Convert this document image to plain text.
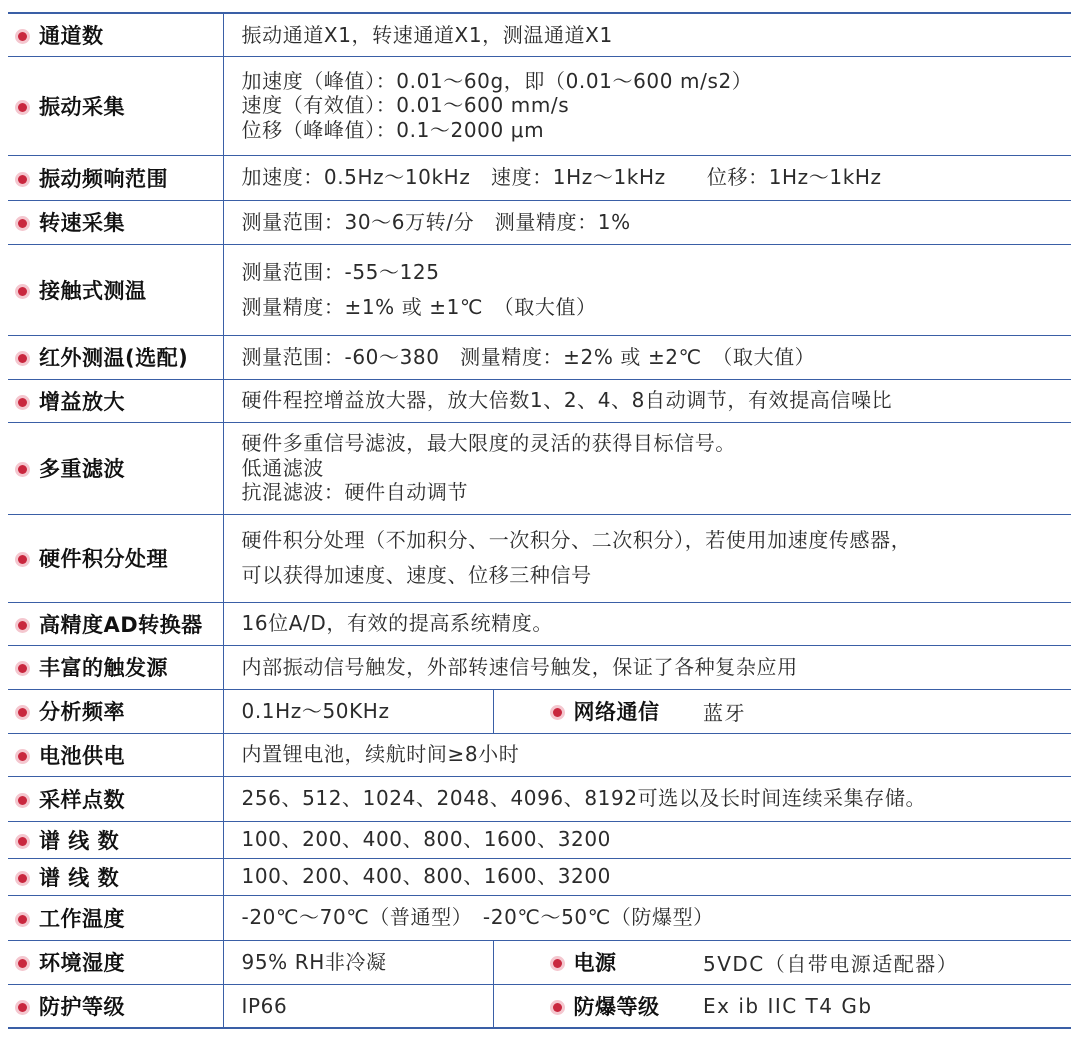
通道数	振动通道X1，转速通道X1，测温通道X1		

振动采集	加速度（峰值）：0.01～60g，即（0.01～600 m/s2）
速度（有效值）：0.01～600 mm/s
位移（峰峰值）：0.1～2000 μm		

振动频响范围	加速度：0.5Hz～10kHz　速度：1Hz～1kHz　　位移：1Hz～1kHz		

转速采集	测量范围：30～6万转/分　测量精度：1%		

接触式测温	测量范围：-55～125
测量精度：±1% 或 ±1℃　（取大值）		

红外测温(选配)	测量范围：-60～380　测量精度：±2% 或 ±2℃　（取大值）		

增益放大	硬件程控增益放大器，放大倍数1、2、4、8自动调节，有效提高信噪比		

多重滤波	硬件多重信号滤波，最大限度的灵活的获得目标信号。
低通滤波
抗混滤波：硬件自动调节		

硬件积分处理	硬件积分处理（不加积分、一次积分、二次积分），若使用加速度传感器，
可以获得加速度、速度、位移三种信号		

高精度AD转换器	16位A/D，有效的提高系统精度。		

丰富的触发源	内部振动信号触发，外部转速信号触发，保证了各种复杂应用		

分析频率	0.1Hz～50KHz	网络通信	蓝牙
电池供电	内置锂电池，续航时间≥8小时		

采样点数	256、512、1024、2048、4096、8192可选以及长时间连续采集存储。		

谱 线 数	100、200、400、800、1600、3200		

谱 线 数	100、200、400、800、1600、3200		

工作温度	-20℃～70℃（普通型）　-20℃～50℃（防爆型）		

环境湿度	95% RH非冷凝	电源	5VDC（自带电源适配器）
防护等级	IP66	防爆等级	Ex ib IIC T4 Gb
